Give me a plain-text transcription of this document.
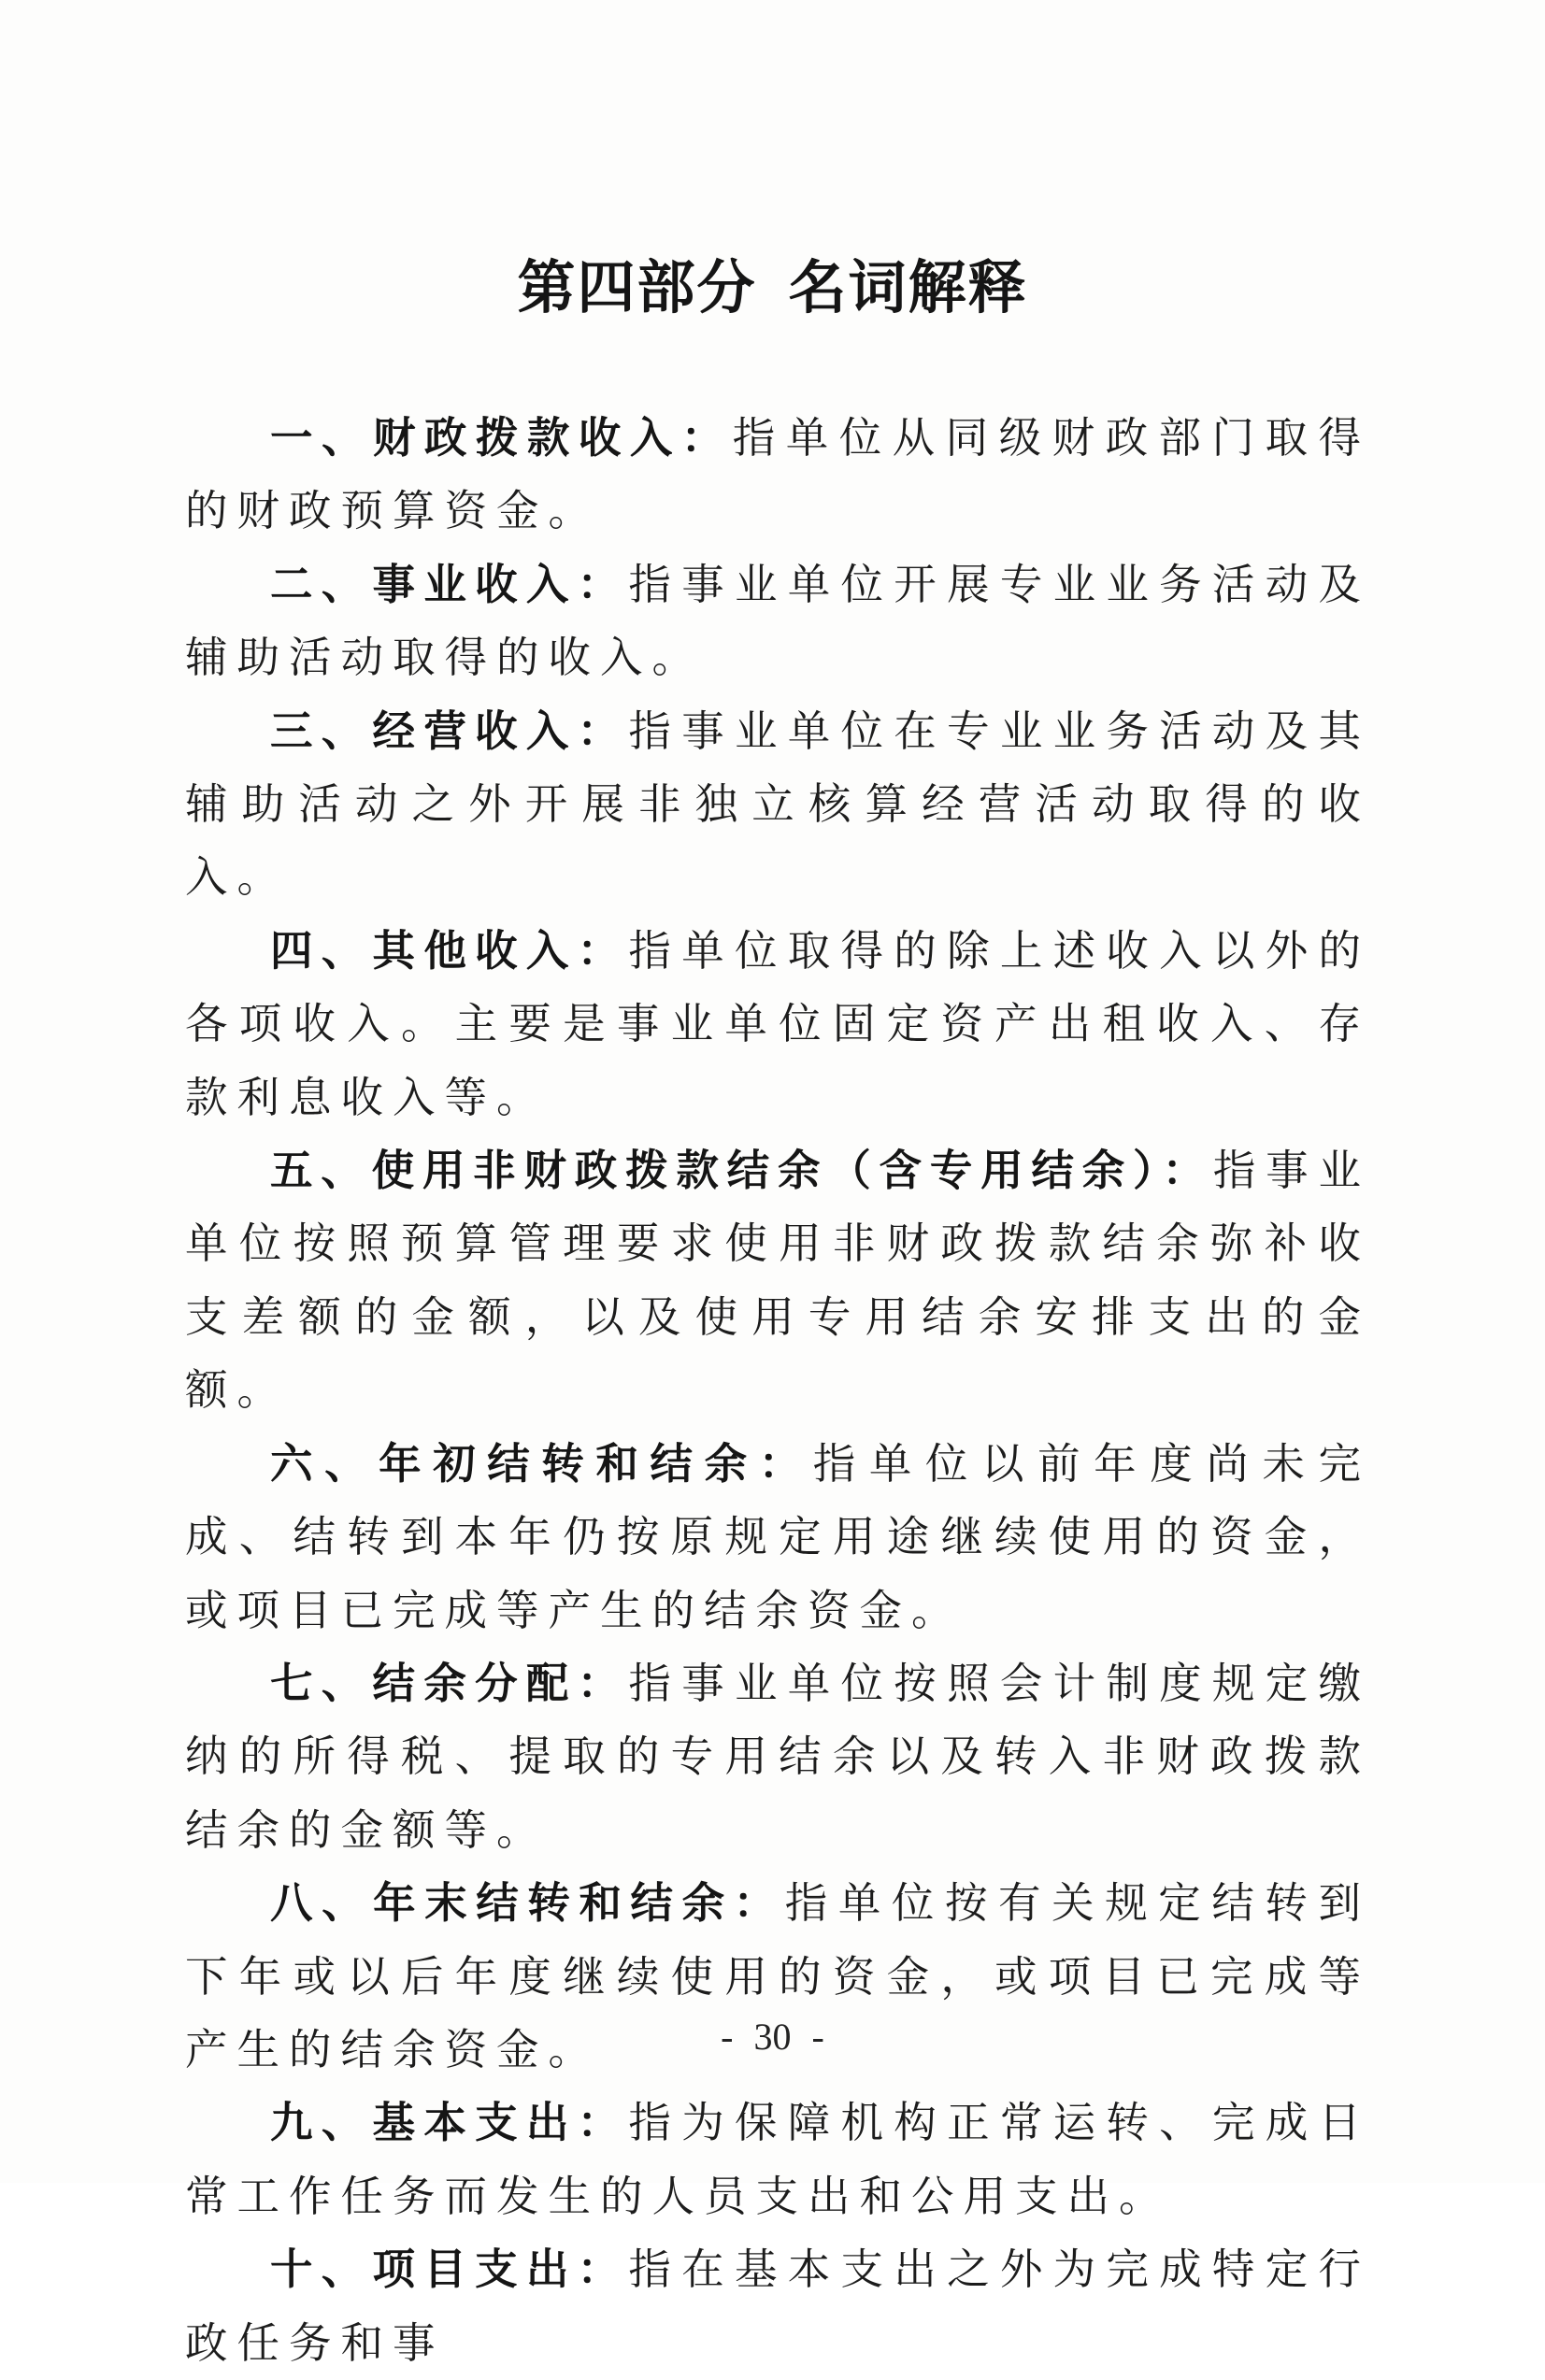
第四部分 名词解释

一、财政拨款收入：指单位从同级财政部门取得的财政预算资金。

二、事业收入：指事业单位开展专业业务活动及辅助活动取得的收入。

三、经营收入：指事业单位在专业业务活动及其辅助活动之外开展非独立核算经营活动取得的收入。

四、其他收入：指单位取得的除上述收入以外的各项收入。主要是事业单位固定资产出租收入、存款利息收入等。

五、使用非财政拨款结余（含专用结余）：指事业单位按照预算管理要求使用非财政拨款结余弥补收支差额的金额，以及使用专用结余安排支出的金额。

六、年初结转和结余：指单位以前年度尚未完成、结转到本年仍按原规定用途继续使用的资金，或项目已完成等产生的结余资金。

七、结余分配：指事业单位按照会计制度规定缴纳的所得税、提取的专用结余以及转入非财政拨款结余的金额等。

八、年末结转和结余：指单位按有关规定结转到下年或以后年度继续使用的资金，或项目已完成等产生的结余资金。

九、基本支出：指为保障机构正常运转、完成日常工作任务而发生的人员支出和公用支出。

十、项目支出：指在基本支出之外为完成特定行政任务和事

- 30 -
